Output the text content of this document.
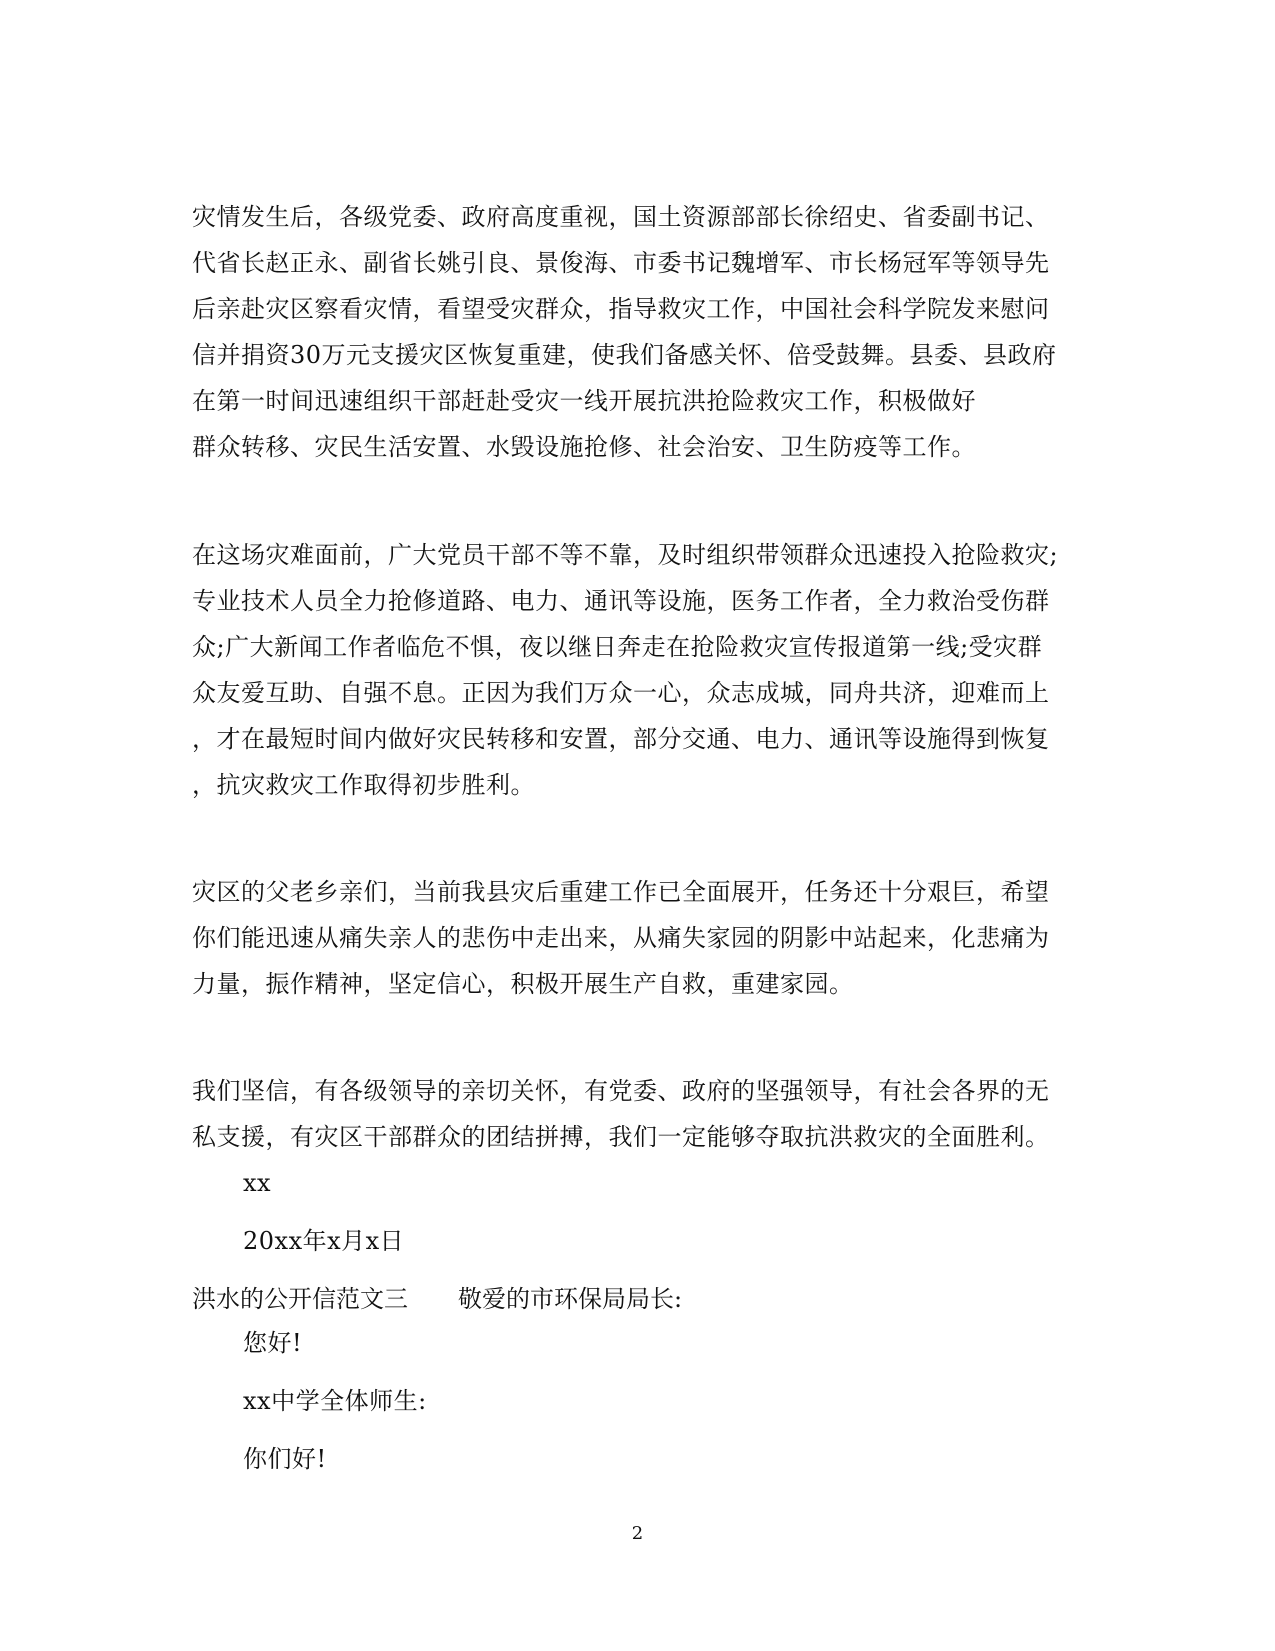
灾情发生后，各级党委、政府高度重视，国土资源部部长徐绍史、省委副书记、
代省长赵正永、副省长姚引良、景俊海、市委书记魏增军、市长杨冠军等领导先
后亲赴灾区察看灾情，看望受灾群众，指导救灾工作，中国社会科学院发来慰问
信并捐资30万元支援灾区恢复重建，使我们备感关怀、倍受鼓舞。县委、县政府
在第一时间迅速组织干部赶赴受灾一线开展抗洪抢险救灾工作，积极做好
群众转移、灾民生活安置、水毁设施抢修、社会治安、卫生防疫等工作。
在这场灾难面前，广大党员干部不等不靠，及时组织带领群众迅速投入抢险救灾;
专业技术人员全力抢修道路、电力、通讯等设施，医务工作者，全力救治受伤群
众;广大新闻工作者临危不惧，夜以继日奔走在抢险救灾宣传报道第一线;受灾群
众友爱互助、自强不息。正因为我们万众一心，众志成城，同舟共济，迎难而上
，才在最短时间内做好灾民转移和安置，部分交通、电力、通讯等设施得到恢复
，抗灾救灾工作取得初步胜利。
灾区的父老乡亲们，当前我县灾后重建工作已全面展开，任务还十分艰巨，希望
你们能迅速从痛失亲人的悲伤中走出来，从痛失家园的阴影中站起来，化悲痛为
力量，振作精神，坚定信心，积极开展生产自救，重建家园。
我们坚信，有各级领导的亲切关怀，有党委、政府的坚强领导，有社会各界的无
私支援，有灾区干部群众的团结拼搏，我们一定能够夺取抗洪救灾的全面胜利。
xx
20xx年x月x日
洪水的公开信范文三 敬爱的市环保局局长:
您好!
xx中学全体师生:
你们好!
2
